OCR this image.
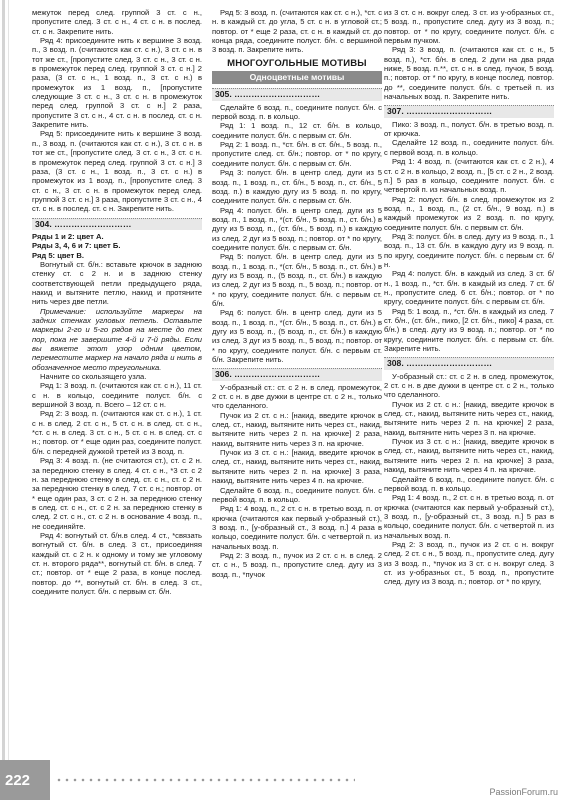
межуток перед след. группой 3 ст. с н., пропустите след. 3 ст. с н., 4 ст. с н. в послед. ст. с н. Закрепите нить.

Ряд 4: присоедините нить к вершине 3 возд. п., 3 возд. п. (считаются как ст. с н.), 3 ст. с н. в тот же ст., [пропустите след. 3 ст. с н., 3 ст. с н. в промежуток перед след. группой 3 ст. с н.] 2 раза, (3 ст. с н., 1 возд. п., 3 ст. с н.) в промежуток из 1 возд. п., [пропустите следующие 3 ст. с н., 3 ст. с н. в промежуток перед след. группой 3 ст. с н.] 2 раза, пропустите 3 ст. с н., 4 ст. с н. в послед. ст. с н. Закрепите нить.

Ряд 5: присоедините нить к вершине 3 возд. п., 3 возд. п. (считаются как ст. с н.), 3 ст. с н. в тот же ст., [пропустите след. 3 ст. с н., 3 ст. с н. в промежуток перед след. группой 3 ст. с н.] 3 раза, (3 ст. с н., 1 возд. п., 3 ст. с н.) в промежуток из 1 возд. п., [пропустите след. 3 ст. с н., 3 ст. с н. в промежуток перед след. группой 3 ст. с н.] 3 раза, пропустите 3 ст. с н., 4 ст. с н. в послед. ст. с н. Закрепите нить.

304. ………………………

Ряды 1 и 2: цвет А.

Ряды 3, 4, 6 и 7: цвет Б.

Ряд 5: цвет В.

Вогнутый ст. б/н.: вставьте крючок в заднюю стенку ст. с 2 н. и в заднюю стенку соответствующей петли предыдущего ряда, накид и вытяните петлю, накид и протяните нить через две петли.

Примечание: используйте маркеры на задних стенках угловых петель. Оставьте маркеры 2-го и 5-го рядов на месте до тех пор, пока не завершите 4-й и 7-й ряды. Если вы вяжете этот узор одним цветом, переместите маркер на начало ряда и нить в обозначенное место треугольника.

Начните со скользящего узла.

Ряд 1: 3 возд. п. (считаются как ст. с н.), 11 ст. с н. в кольцо, соедините полуст. б/н. с вершиной 3 возд. п. Всего – 12 ст. с н.

Ряд 2: 3 возд. п. (считаются как ст. с н.), 1 ст. с н. в след. 2 ст. с н., 5 ст. с н. в след. ст. с н., *ст. с н. в след. 3 ст. с н., 5 ст. с н. в след. ст. с н.; повтор. от * еще один раз, соедините полуст. б/н. с передней дужкой третей из 3 возд. п.

Ряд 3: 4 возд. п. (не считаются ст.), ст. с 2 н. за переднюю стенку в след. 4 ст. с н., *3 ст. с 2 н. за переднюю стенку в след. ст. с н., ст. с 2 н. за переднюю стенку в след. 7 ст. с н.; повтор. от * еще один раз, 3 ст. с 2 н. за переднюю стенку в след. ст. с н., ст. с 2 н. за переднюю стенку в след. 2 ст. с н., ст. с 2 н. в основание 4 возд. п., не соединяйте.

Ряд 4: вогнутый ст. б/н.в след. 4 ст., *связать вогнутый ст. б/н. в след. 3 ст., присоединяя каждый ст. с 2 н. к одному и тому же угловому ст. н. второго ряда**, вогнутый ст. б/н. в след. 7 ст.; повтор. от * еще 2 раза, в конце послед. повтор. до **, вогнутый ст. б/н. в след. 3 ст., соедините полуст. б/н. с первым ст. б/н.

Ряд 5: 3 возд. п. (считаются как ст. с н.), *ст. с н. в каждый ст. до угла, 5 ст. с н. в угловой ст.; повтор. от * еще 2 раза, ст. с н. в каждый ст. до конца ряда, соедините полуст. б/н. с вершиной 3 возд. п. Закрепите нить.

МНОГОУГОЛЬНЫЕ МОТИВЫ
Одноцветные мотивы
305. …………………………

Сделайте 6 возд. п., соедините полуст. б/н. с первой возд. п. в кольцо.

Ряд 1: 1 возд. п., 12 ст. б/н. в кольцо, соедините полуст. б/н. с первым ст. б/н.

Ряд 2: 1 возд. п., *ст. б/н. в ст. б/н., 5 возд. п., пропустите след. ст. б/н.; повтор. от * по кругу, соедините полуст. б/н. с первым ст. б/н.

Ряд 3: полуст. б/н. в центр след. дуги из 5 возд. п., 1 возд. п., ст. б/н., 5 возд. п., ст. б/н., 5 возд. п.) в каждую дугу из 5 возд. п. по кругу, соедините полуст. б/н. с первым ст. б/н.

Ряд 4: полуст. б/н. в центр след. дуги из 5 возд. п., 1 возд. п., *(ст. б/н., 5 возд. п., ст. б/н.) в дугу из 5 возд. п., (ст. б/н., 5 возд. п.) в каждую из след. 2 дуг из 5 возд. п.; повтор. от * по кругу, соедините полуст. б/н. с первым ст. б/н.

Ряд 5: полуст. б/н. в центр след. дуги из 5 возд. п., 1 возд. п., *(ст. б/н., 5 возд. п., ст. б/н.) в дугу из 5 возд. п., (5 возд. п., ст. б/н.) в каждую из след. 2 дуг из 5 возд. п., 5 возд. п.; повтор. от * по кругу, соедините полуст. б/н. с первым ст. б/н.

Ряд 6: полуст. б/н. в центр след. дуги из 5 возд. п., 1 возд. п., *(ст. б/н., 5 возд. п., ст. б/н.) в дугу из 5 возд. п., (5 возд. п., ст. б/н.) в каждую из след. 3 дуг из 5 возд. п., 5 возд. п.; повтор. от * по кругу, соедините полуст. б/н. с первым ст. б/н. Закрепите нить.

306. …………………………

У-образный ст.: ст. с 2 н. в след. промежуток, 2 ст. с н. в две дужки в центре ст. с 2 н., только что сделанного.

Пучок из 2 ст. с н.: [накид, введите крючок в след. ст., накид, вытяните нить через ст., накид, вытяните нить через 2 п. на крючке] 2 раза, накид, вытяните нить через 3 п. на крючке.

Пучок из 3 ст. с н.: [накид, введите крючок в след. ст., накид, вытяните нить через ст., накид, вытяните нить через 2 п. на крючке] 3 раза, накид, вытяните нить через 4 п. на крючке.

Сделайте 6 возд. п., соедините полуст. б/н. с первой возд. п. в кольцо.

Ряд 1: 4 возд. п., 2 ст. с н. в третью возд. п. от крючка (считаются как первый у-образный ст.), 3 возд. п., [у-образный ст., 3 возд. п.] 4 раза в кольцо, соедините полуст. б/н. с четвертой п. из начальных возд. п.

Ряд 2: 3 возд. п., пучок из 2 ст. с н. в след. 2 ст. с н., 5 возд. п., пропустите след. дугу из 3 возд. п., *пучок

из 3 ст. с н. вокруг след. 3 ст. из у-образных ст., 5 возд. п., пропустите след. дугу из 3 возд. п.; повтор. от * по кругу, соедините полуст. б/н. с первым пучком.

Ряд 3: 3 возд. п. (считаются как ст. с н., 5 возд. п.), *ст. б/н. в след. 2 дуги на два ряда ниже, 5 возд. п.**, ст. с н. в след. пучок, 5 возд. п.; повтор. от * по кругу, в конце послед. повтор. до **, соедините полуст. б/н. с третьей п. из начальных возд. п. Закрепите нить.

307. …………………………

Пико: 3 возд. п., полуст. б/н. в третью возд. п. от крючка.

Сделайте 12 возд. п., соедините полуст. б/н. с первой возд. п. в кольцо.

Ряд 1: 4 возд. п. (считаются как ст. с 2 н.), 4 ст. с 2 н. в кольцо, 2 возд. п., [5 ст. с 2 н., 2 возд. п.] 5 раз в кольцо, соедините полуст. б/н. с четвертой п. из начальных возд. п.

Ряд 2: полуст. б/н. в след. промежуток из 2 возд. п., 1 возд. п., (2 ст. б/н., 9 возд. п.) в каждый промежуток из 2 возд. п. по кругу, соедините полуст. б/н. с первым ст. б/н.

Ряд 3: полуст. б/н. в след. дугу из 9 возд. п., 1 возд. п., 13 ст. б/н. в каждую дугу из 9 возд. п. по кругу, соедините полуст. б/н. с первым ст. б/н.

Ряд 4: полуст. б/н. в каждый из след. 3 ст. б/н., 1 возд. п., *ст. б/н. в каждый из след. 7 ст. б/н., пропустите след. 6 ст. б/н.; повтор. от * по кругу, соедините полуст. б/н. с первым ст. б/н.

Ряд 5: 1 возд. п., *ст. б/н. в каждый из след. 7 ст. б/н., (ст. б/н., пико, [2 ст. б/н., пико] 4 раза, ст. б/н.) в след. дугу из 9 возд. п.; повтор. от * по кругу, соедините полуст. б/н. с первым ст. б/н. Закрепите нить.

308. …………………………

У-образный ст.: ст. с 2 н. в след. промежуток, 2 ст. с н. в две дужки в центре ст. с 2 н., только что сделанного.

Пучок из 2 ст. с н.: [накид, введите крючок в след. ст., накид, вытяните нить через ст., накид, вытяните нить через 2 п. на крючке] 2 раза, накид, вытяните нить через 3 п. на крючке.

Пучок из 3 ст. с н.: [накид, введите крючок в след. ст., накид, вытяните нить через ст., накид, вытяните нить через 2 п. на крючке] 3 раза, накид, вытяните нить через 4 п. на крючке.

Сделайте 6 возд. п., соедините полуст. б/н. с первой возд. п. в кольцо.

Ряд 1: 4 возд. п., 2 ст. с н. в третью возд. п. от крючка (считаются как первый у-образный ст.), 3 возд. п., [у-образный ст., 3 возд. п.] 5 раз в кольцо, соедините полуст. б/н. с четвертой п. из начальных возд. п.

Ряд 2: 3 возд. п., пучок из 2 ст. с н. вокруг след. 2 ст. с н., 5 возд. п., пропустите след. дугу из 3 возд. п., *пучок из 3 ст. с н. вокруг след. 3 ст. из у-образных ст., 5 возд. п., пропустите след. дугу из 3 возд. п.; повтор. от * по кругу,

222
PassionForum.ru
